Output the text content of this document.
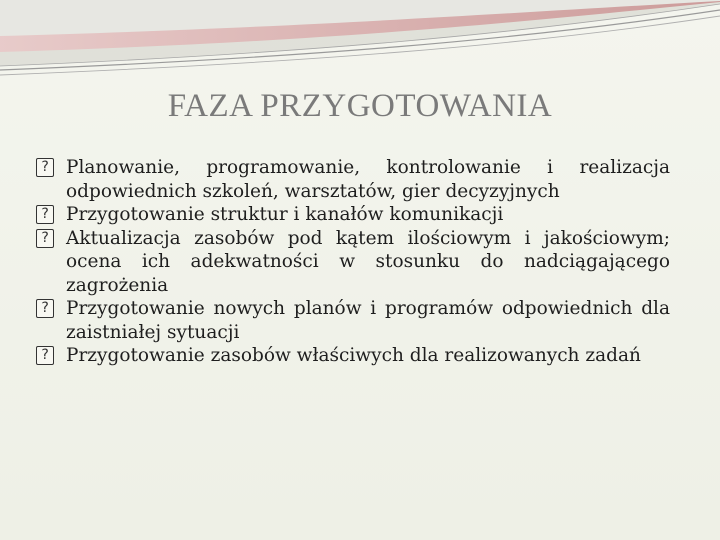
FAZA PRZYGOTOWANIA
? Planowanie, programowanie, kontrolowanie i realizacja odpowiednich szkoleń, warsztatów, gier decyzyjnych
? Przygotowanie struktur i kanałów komunikacji
? Aktualizacja zasobów pod kątem ilościowym i jakościowym; ocena ich adekwatności w stosunku do nadciągającego zagrożenia
? Przygotowanie nowych planów i programów odpowiednich dla zaistniałej sytuacji
? Przygotowanie zasobów właściwych dla realizowanych zadań
